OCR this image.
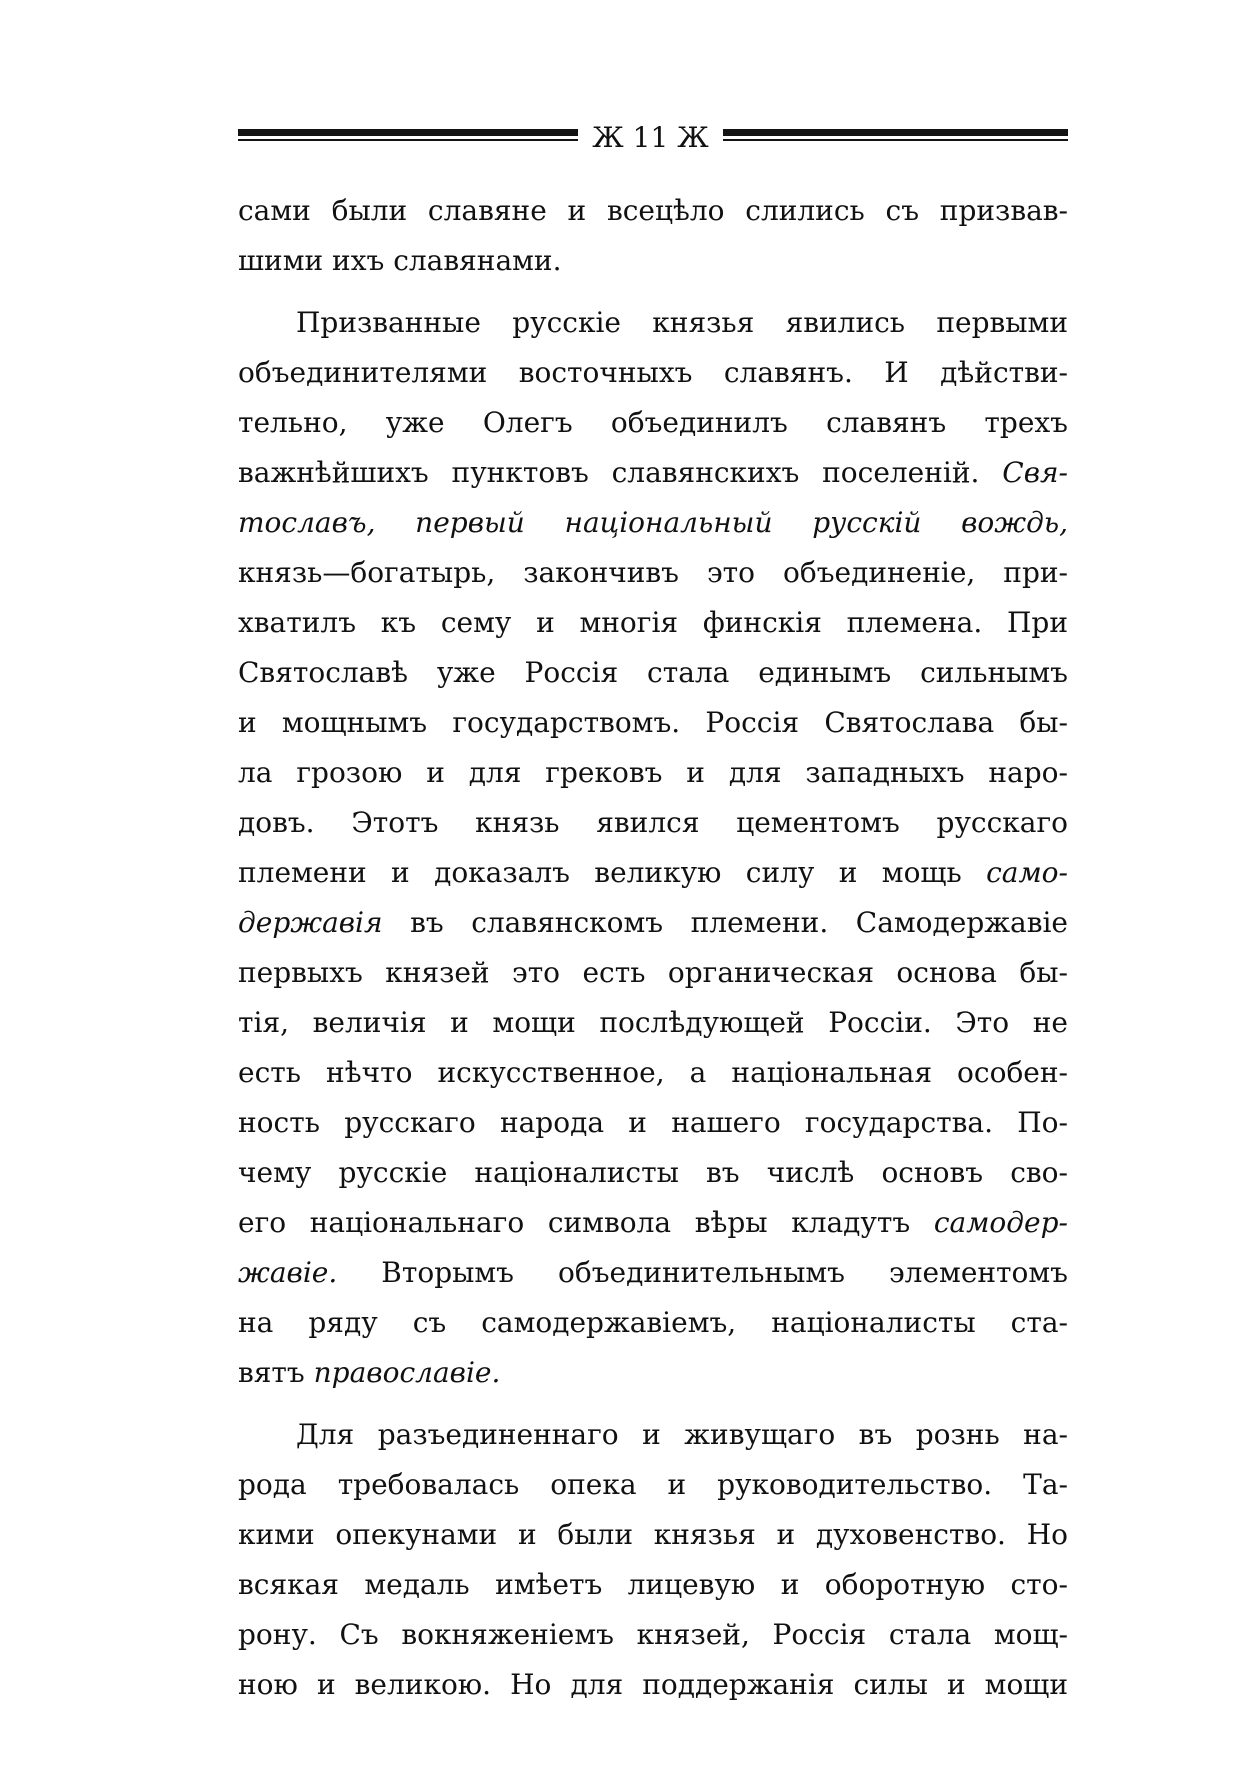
Ж 11 Ж
сами были славяне и всецѣло слились съ призвав-
шими ихъ славянами.
Призванные русскіе князья явились первыми
объединителями восточныхъ славянъ. И дѣйстви-
тельно, уже Олегъ объединилъ славянъ трехъ
важнѣйшихъ пунктовъ славянскихъ поселеній. Свя-
тославъ, первый національный русскій вождь,
князь—богатырь, закончивъ это объединеніе, при-
хватилъ къ сему и многія финскія племена. При
Святославѣ уже Россія стала единымъ сильнымъ
и мощнымъ государствомъ. Россія Святослава бы-
ла грозою и для грековъ и для западныхъ наро-
довъ. Этотъ князь явился цементомъ русскаго
племени и доказалъ великую силу и мощь само-
державія въ славянскомъ племени. Самодержавіе
первыхъ князей это есть органическая основа бы-
тія, величія и мощи послѣдующей Россіи. Это не
есть нѣчто искусственное, а національная особен-
ность русскаго народа и нашего государства. По-
чему русскіе націоналисты въ числѣ основъ сво-
его національнаго символа вѣры кладутъ самодер-
жавіе. Вторымъ объединительнымъ элементомъ
на ряду съ самодержавіемъ, націоналисты ста-
вятъ православіе.
Для разъединеннаго и живущаго въ рознь на-
рода требовалась опека и руководительство. Та-
кими опекунами и были князья и духовенство. Но
всякая медаль имѣетъ лицевую и оборотную сто-
рону. Съ вокняженіемъ князей, Россія стала мощ-
ною и великою. Но для поддержанія силы и мощи
